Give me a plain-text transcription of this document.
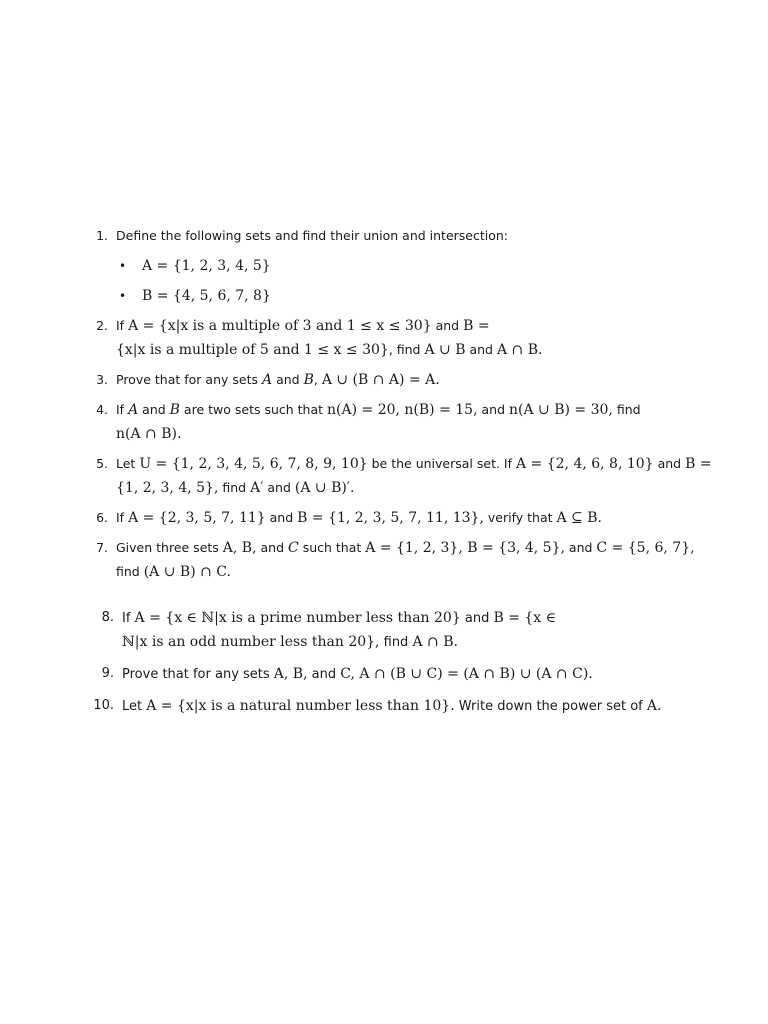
1. Define the following sets and find their union and intersection:
• A = {1, 2, 3, 4, 5}
• B = {4, 5, 6, 7, 8}
2. If A = {x|x is a multiple of 3 and 1 ≤ x ≤ 30} and B =
{x|x is a multiple of 5 and 1 ≤ x ≤ 30}, find A ∪ B and A ∩ B.
3. Prove that for any sets A and B, A ∪ (B ∩ A) = A.
4. If A and B are two sets such that n(A) = 20, n(B) = 15, and n(A ∪ B) = 30, find
n(A ∩ B).
5. Let U = {1, 2, 3, 4, 5, 6, 7, 8, 9, 10} be the universal set. If A = {2, 4, 6, 8, 10} and B =
{1, 2, 3, 4, 5}, find A′ and (A ∪ B)′.
6. If A = {2, 3, 5, 7, 11} and B = {1, 2, 3, 5, 7, 11, 13}, verify that A ⊆ B.
7. Given three sets A, B, and C such that A = {1, 2, 3}, B = {3, 4, 5}, and C = {5, 6, 7},
find (A ∪ B) ∩ C.
8. If A = {x ∈ ℕ|x is a prime number less than 20} and B = {x ∈
ℕ|x is an odd number less than 20}, find A ∩ B.
9. Prove that for any sets A, B, and C, A ∩ (B ∪ C) = (A ∩ B) ∪ (A ∩ C).
10. Let A = {x|x is a natural number less than 10}. Write down the power set of A.
